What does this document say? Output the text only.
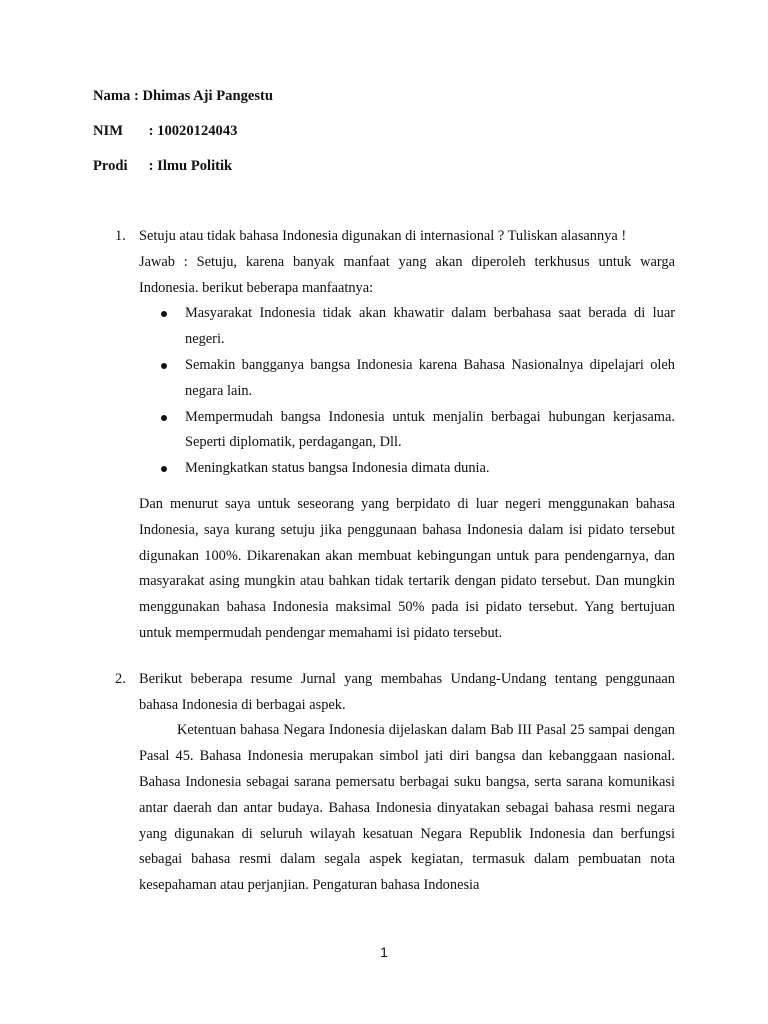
Nama : Dhimas Aji Pangestu
NIM : 10020124043
Prodi : Ilmu Politik
1. Setuju atau tidak bahasa Indonesia digunakan di internasional ? Tuliskan alasannya !

Jawab : Setuju, karena banyak manfaat yang akan diperoleh terkhusus untuk warga Indonesia. berikut beberapa manfaatnya:

Masyarakat Indonesia tidak akan khawatir dalam berbahasa saat berada di luar negeri.
Semakin bangganya bangsa Indonesia karena Bahasa Nasionalnya dipelajari oleh negara lain.
Mempermudah bangsa Indonesia untuk menjalin berbagai hubungan kerjasama. Seperti diplomatik, perdagangan, Dll.
Meningkatkan status bangsa Indonesia dimata dunia.

Dan menurut saya untuk seseorang yang berpidato di luar negeri menggunakan bahasa Indonesia, saya kurang setuju jika penggunaan bahasa Indonesia dalam isi pidato tersebut digunakan 100%. Dikarenakan akan membuat kebingungan untuk para pendengarnya, dan masyarakat asing mungkin atau bahkan tidak tertarik dengan pidato tersebut. Dan mungkin menggunakan bahasa Indonesia maksimal 50% pada isi pidato tersebut. Yang bertujuan untuk mempermudah pendengar memahami isi pidato tersebut.

2. Berikut beberapa resume Jurnal yang membahas Undang-Undang tentang penggunaan bahasa Indonesia di berbagai aspek.

Ketentuan bahasa Negara Indonesia dijelaskan dalam Bab III Pasal 25 sampai dengan Pasal 45. Bahasa Indonesia merupakan simbol jati diri bangsa dan kebanggaan nasional. Bahasa Indonesia sebagai sarana pemersatu berbagai suku bangsa, serta sarana komunikasi antar daerah dan antar budaya. Bahasa Indonesia dinyatakan sebagai bahasa resmi negara yang digunakan di seluruh wilayah kesatuan Negara Republik Indonesia dan berfungsi sebagai bahasa resmi dalam segala aspek kegiatan, termasuk dalam pembuatan nota kesepahaman atau perjanjian. Pengaturan bahasa Indonesia

1
